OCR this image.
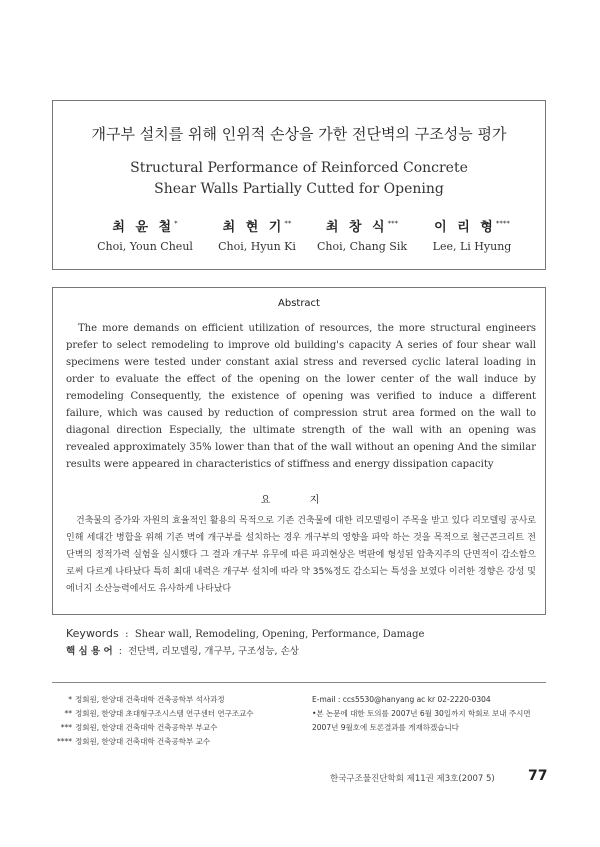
개구부 설치를 위해 인위적 손상을 가한 전단벽의 구조성능 평가
Structural Performance of Reinforced Concrete
Shear Walls Partially Cutted for Opening
최 윤 철*
Choi, Youn Cheul
최 현 기**
Choi, Hyun Ki
최 창 식***
Choi, Chang Sik
이 리 형****
Lee, Li Hyung
Abstract

The more demands on efficient utilization of resources, the more structural engineers prefer to select remodeling to improve old building's capacity A series of four shear wall specimens were tested under constant axial stress and reversed cyclic lateral loading in order to evaluate the effect of the opening on the lower center of the wall induce by remodeling Consequently, the existence of opening was verified to induce a different failure, which was caused by reduction of compression strut area formed on the wall to diagonal direction Especially, the ultimate strength of the wall with an opening was revealed approximately 35% lower than that of the wall without an opening And the similar results were appeared in characteristics of stiffness and energy dissipation capacity

요 지

건축물의 증가와 자원의 효율적인 활용의 목적으로 기존 건축물에 대한 리모델링이 주목을 받고 있다 리모델링 공사로 인해 세대간 병합을 위해 기존 벽에 개구부를 설치하는 경우 개구부의 영향을 파악 하는 것을 목적으로 철근콘크리트 전단벽의 정적가력 실험을 실시했다 그 결과 개구부 유무에 따른 파괴현상은 벽판에 형성된 압축지주의 단면적이 감소함으로써 다르게 나타났다 특히 최대 내력은 개구부 설치에 따라 약 35%정도 감소되는 특성을 보였다 이러한 경향은 강성 및 에너지 소산능력에서도 유사하게 나타났다

Keywords  :  Shear wall, Remodeling, Opening, Performance, Damage
핵 심 용 어  :  전단벽, 리모델링, 개구부, 구조성능, 손상
* 정회원, 한양대 건축대학 건축공학부 석사과정
** 정회원, 한양대 초대형구조시스템 연구센터 연구조교수
*** 정회원, 한양대 건축대학 건축공학부 부교수
**** 정회원, 한양대 건축대학 건축공학부 교수
E-mail : ccs5530@hanyang ac kr 02-2220-0304
•본 논문에 대한 토의를 2007년 6월 30일까지 학회로 보내 주시면 2007년 9월호에 토론결과를 게재하겠습니다
한국구조물진단학회 제11권 제3호(2007 5) 77
